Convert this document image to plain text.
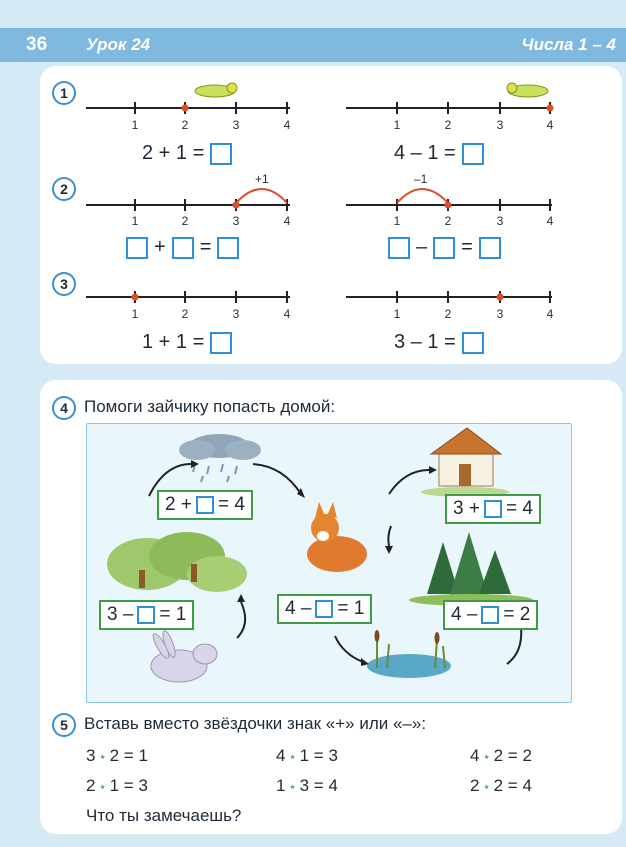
36 Урок 24	Числа 1 – 4
1
2
3
1	2	3	4	1	2	3	4
2 + 1 =	4 – 1 =
+1	–1
1	2	3	4	1	2	3	4
+ =	– =
1	2	3	4	1	2	3	4
1 + 1 =	3 – 1 =
4 Помоги зайчику попасть домой:
2 + = 4	3 + = 4
3 – = 1	4 – = 1	4 – = 2
5 Вставь вместо звёздочки знак «+» или «–»:
3 ⋆ 2 = 1	4 ⋆ 1 = 3	4 ⋆ 2 = 2
2 ⋆ 1 = 3	1 ⋆ 3 = 4	2 ⋆ 2 = 4
Что ты замечаешь?
